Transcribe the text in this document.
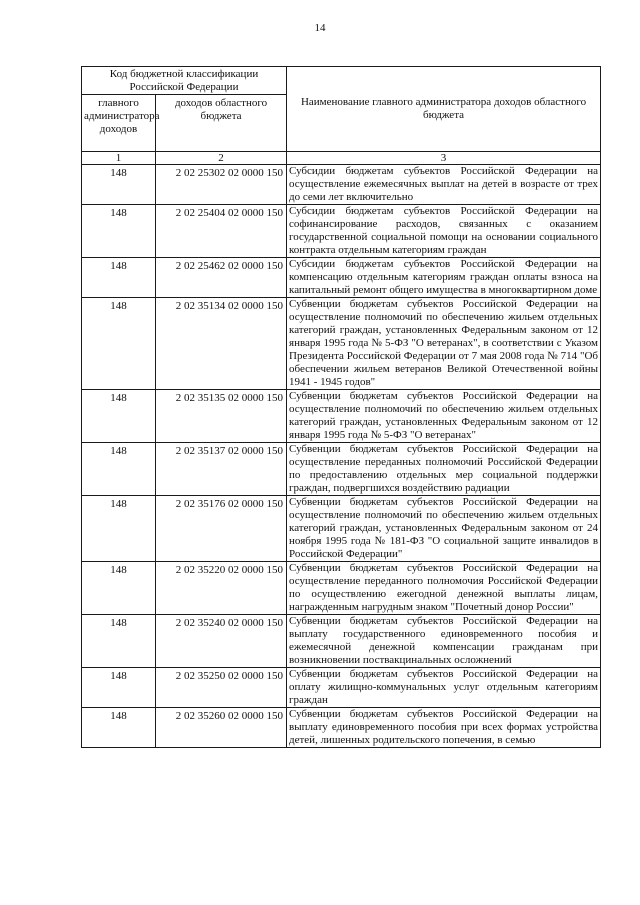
14
Код бюджетной классификации Российской Федерации		Наименование главного администратора доходов областного бюджета
главного администратора доходов	доходов областного бюджета	
1	2	3
148	2 02 25302 02 0000 150	Субсидии бюджетам субъектов Российской Федерации на осуществление ежемесячных выплат на детей в возрасте от трех до семи лет включительно
148	2 02 25404 02 0000 150	Субсидии бюджетам субъектов Российской Федерации на софинансирование расходов, связанных с оказанием государственной социальной помощи на основании социального контракта отдельным категориям граждан
148	2 02 25462 02 0000 150	Субсидии бюджетам субъектов Российской Федерации на компенсацию отдельным категориям граждан оплаты взноса на капитальный ремонт общего имущества в многоквартирном доме
148	2 02 35134 02 0000 150	Субвенции бюджетам субъектов Российской Федерации на осуществление полномочий по обеспечению жильем отдельных категорий граждан, установленных Федеральным законом от 12 января 1995 года № 5-ФЗ "О ветеранах", в соответствии с Указом Президента Российской Федерации от 7 мая 2008 года № 714 "Об обеспечении жильем ветеранов Великой Отечественной войны 1941 - 1945 годов"
148	2 02 35135 02 0000 150	Субвенции бюджетам субъектов Российской Федерации на осуществление полномочий по обеспечению жильем отдельных категорий граждан, установленных Федеральным законом от 12 января 1995 года № 5-ФЗ "О ветеранах"
148	2 02 35137 02 0000 150	Субвенции бюджетам субъектов Российской Федерации на осуществление переданных полномочий Российской Федерации по предоставлению отдельных мер социальной поддержки граждан, подвергшихся воздействию радиации
148	2 02 35176 02 0000 150	Субвенции бюджетам субъектов Российской Федерации на осуществление полномочий по обеспечению жильем отдельных категорий граждан, установленных Федеральным законом от 24 ноября 1995 года № 181-ФЗ "О социальной защите инвалидов в Российской Федерации"
148	2 02 35220 02 0000 150	Субвенции бюджетам субъектов Российской Федерации на осуществление переданного полномочия Российской Федерации по осуществлению ежегодной денежной выплаты лицам, награжденным нагрудным знаком "Почетный донор России"
148	2 02 35240 02 0000 150	Субвенции бюджетам субъектов Российской Федерации на выплату государственного единовременного пособия и ежемесячной денежной компенсации гражданам при возникновении поствакцинальных осложнений
148	2 02 35250 02 0000 150	Субвенции бюджетам субъектов Российской Федерации на оплату жилищно-коммунальных услуг отдельным категориям граждан
148	2 02 35260 02 0000 150	Субвенции бюджетам субъектов Российской Федерации на выплату единовременного пособия при всех формах устройства детей, лишенных родительского попечения, в семью
